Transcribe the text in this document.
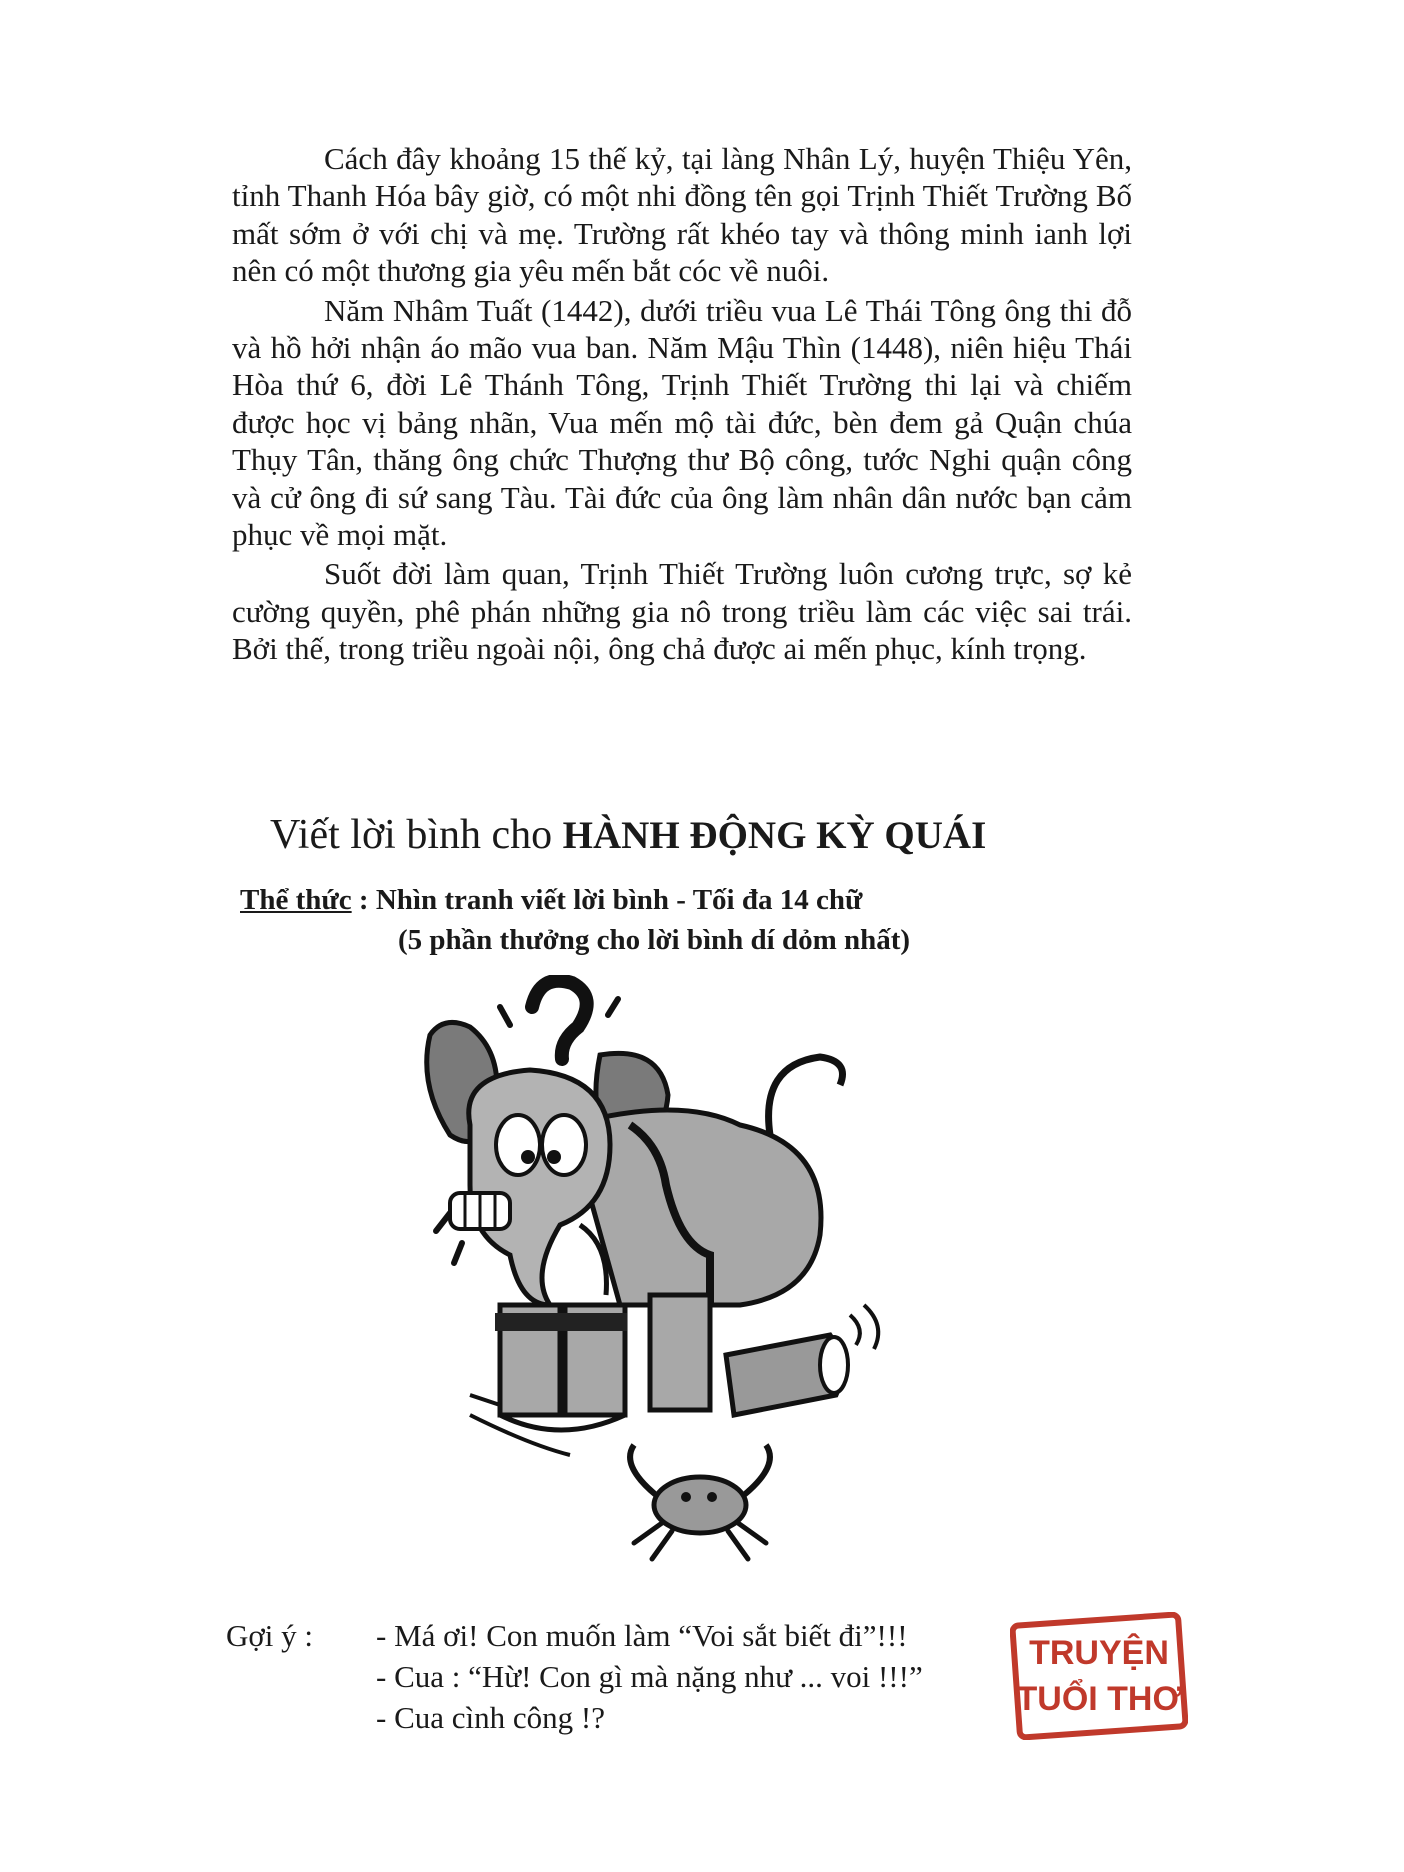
Cách đây khoảng 15 thế kỷ, tại làng Nhân Lý, huyện Thiệu Yên, tỉnh Thanh Hóa bây giờ, có một nhi đồng tên gọi Trịnh Thiết Trường Bố mất sớm ở với chị và mẹ. Trường rất khéo tay và thông minh ianh lợi nên có một thương gia yêu mến bắt cóc về nuôi.

Năm Nhâm Tuất (1442), dưới triều vua Lê Thái Tông ông thi đỗ và hồ hởi nhận áo mão vua ban. Năm Mậu Thìn (1448), niên hiệu Thái Hòa thứ 6, đời Lê Thánh Tông, Trịnh Thiết Trường thi lại và chiếm được học vị bảng nhãn, Vua mến mộ tài đức, bèn đem gả Quận chúa Thụy Tân, thăng ông chức Thượng thư Bộ công, tước Nghi quận công và cử ông đi sứ sang Tàu. Tài đức của ông làm nhân dân nước bạn cảm phục về mọi mặt.

Suốt đời làm quan, Trịnh Thiết Trường luôn cương trực, sợ kẻ cường quyền, phê phán những gia nô trong triều làm các việc sai trái. Bởi thế, trong triều ngoài nội, ông chả được ai mến phục, kính trọng.

Viết lời bình cho HÀNH ĐỘNG KỲ QUÁI
Thể thức : Nhìn tranh viết lời bình - Tối đa 14 chữ
(5 phần thưởng cho lời bình dí dỏm nhất)
Gợi ý :	- Má ơi! Con muốn làm “Voi sắt biết đi”!!!
- Cua : “Hừ! Con gì mà nặng như ... voi !!!”
- Cua cình công !?
TRUYỆN
TUỔI THƠ
